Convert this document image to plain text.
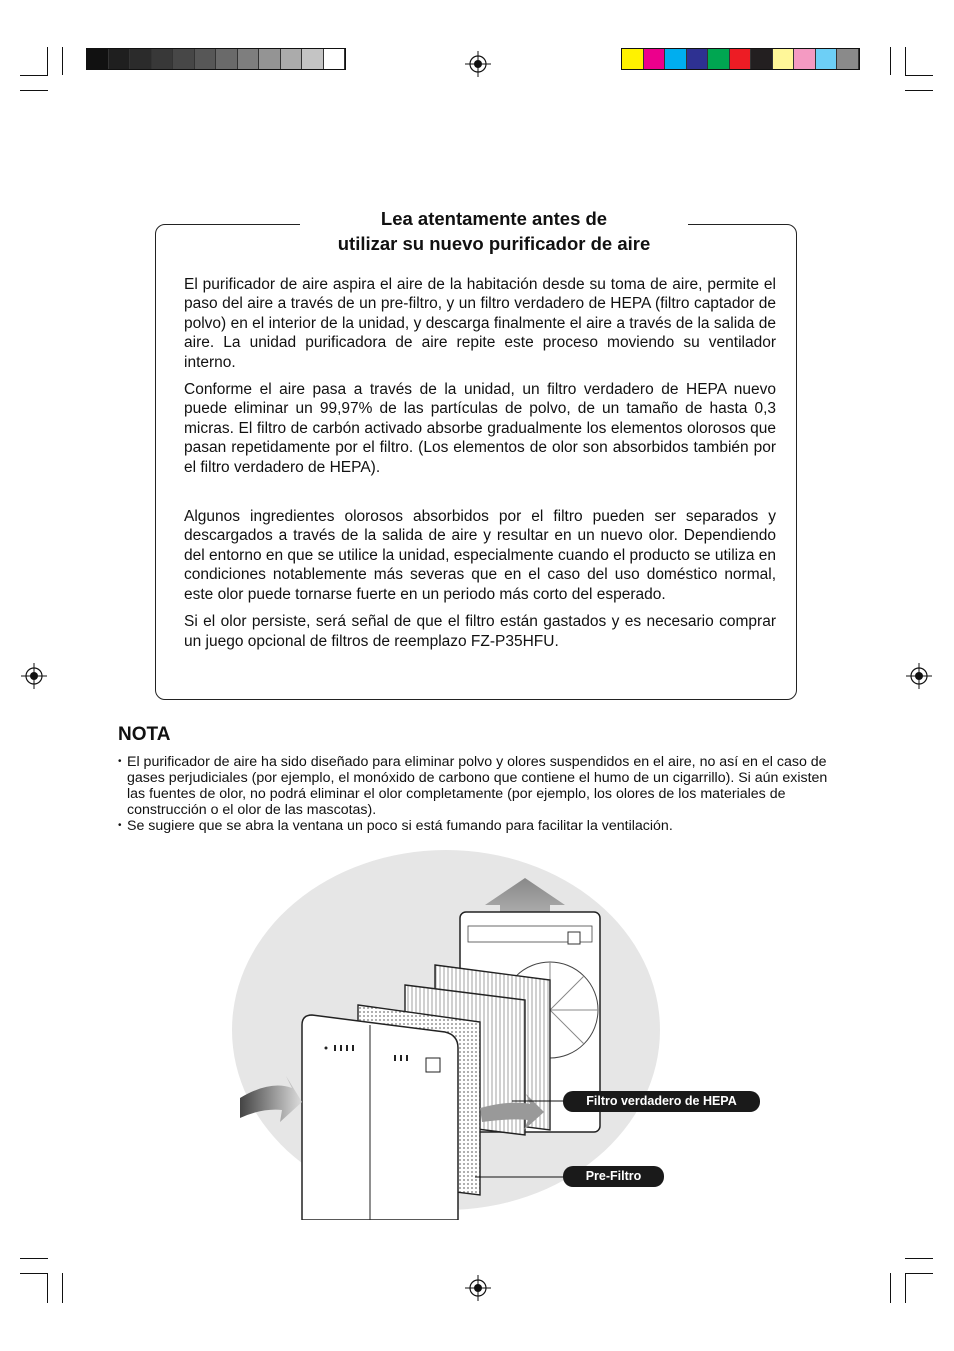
Lea atentamente antes de
utilizar su nuevo purificador de aire

El purificador de aire aspira el aire de la habitación desde su toma de aire, permite el paso del aire a través de un pre-filtro, y un filtro verdadero de HEPA (filtro captador de polvo) en el interior de la unidad, y descarga finalmente el aire a través de la salida de aire. La unidad purificadora de aire repite este proceso moviendo su ventilador interno.

Conforme el aire pasa a través de la unidad, un filtro verdadero de HEPA nuevo puede eliminar un 99,97% de las partículas de polvo, de un tamaño de hasta 0,3 micras. El filtro de carbón activado absorbe gradualmente los elementos olorosos que pasan repetidamente por el filtro. (Los elementos de olor son absorbidos también por el filtro verdadero de HEPA).

Algunos ingredientes olorosos absorbidos por el filtro pueden ser separados y descargados a través de la salida de aire y resultar en un nuevo olor. Dependiendo del entorno en que se utilice la unidad, especialmente cuando el producto se utiliza en condiciones notablemente más severas que en el caso del uso doméstico normal, este olor puede tornarse fuerte en un periodo más corto del esperado.

Si el olor persiste, será señal de que el filtro están gastados y es necesario comprar un juego opcional de filtros de reemplazo FZ-P35HFU.

NOTA
• El purificador de aire ha sido diseñado para eliminar polvo y olores suspendidos en el aire, no así en el caso de gases perjudiciales (por ejemplo, el monóxido de carbono que contiene el humo de un cigarrillo). Si aún existen las fuentes de olor, no podrá eliminar el olor completamente (por ejemplo, los olores de los materiales de construcción o el olor de las mascotas).
• Se sugiere que se abra la ventana un poco si está fumando para facilitar la ventilación.
Filtro verdadero de HEPA
Pre-Filtro
